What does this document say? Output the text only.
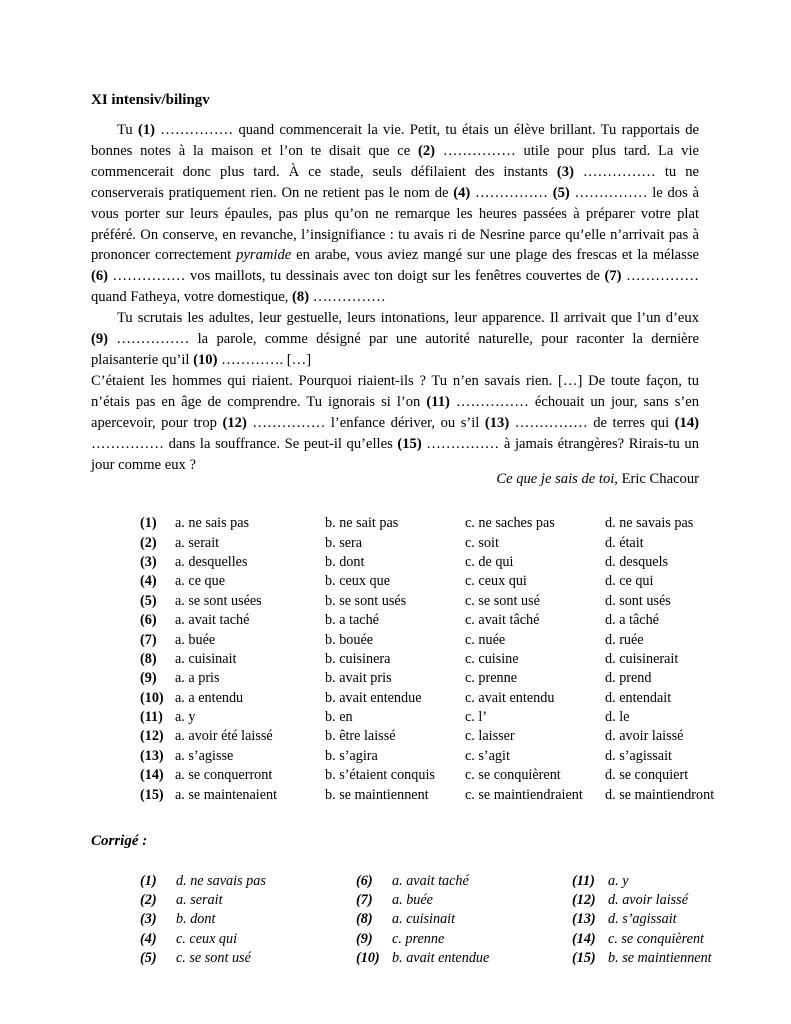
XI intensiv/bilingv

Tu (1) …………… quand commencerait la vie. Petit, tu étais un élève brillant. Tu rapportais de bonnes notes à la maison et l’on te disait que ce (2) …………… utile pour plus tard. La vie commencerait donc plus tard. À ce stade, seuls défilaient des instants (3) …………… tu ne conserverais pratiquement rien. On ne retient pas le nom de (4) …………… (5) …………… le dos à vous porter sur leurs épaules, pas plus qu’on ne remarque les heures passées à préparer votre plat préféré. On conserve, en revanche, l’insignifiance : tu avais ri de Nesrine parce qu’elle n’arrivait pas à prononcer correctement pyramide en arabe, vous aviez mangé sur une plage des frescas et la mélasse (6) …………… vos maillots, tu dessinais avec ton doigt sur les fenêtres couvertes de (7) …………… quand Fatheya, votre domestique, (8) ……………

Tu scrutais les adultes, leur gestuelle, leurs intonations, leur apparence. Il arrivait que l’un d’eux (9) …………… la parole, comme désigné par une autorité naturelle, pour raconter la dernière plaisanterie qu’il (10) …………. […]

C’étaient les hommes qui riaient. Pourquoi riaient-ils ? Tu n’en savais rien. […] De toute façon, tu n’étais pas en âge de comprendre. Tu ignorais si l’on (11) …………… échouait un jour, sans s’en apercevoir, pour trop (12) …………… l’enfance dériver, ou s’il (13) …………… de terres qui (14) …………… dans la souffrance. Se peut-il qu’elles (15) …………… à jamais étrangères? Rirais-tu un jour comme eux ?

Ce que je sais de toi, Eric Chacour

(1)	a. ne sais pas	b. ne sait pas	c. ne saches pas	d. ne savais pas
(2)	a. serait	b. sera	c. soit	d. était
(3)	a. desquelles	b. dont	c. de qui	d. desquels
(4)	a. ce que	b. ceux que	c. ceux qui	d. ce qui
(5)	a. se sont usées	b. se sont usés	c. se sont usé	d. sont usés
(6)	a. avait taché	b. a taché	c. avait tâché	d. a tâché
(7)	a. buée	b. bouée	c. nuée	d. ruée
(8)	a. cuisinait	b. cuisinera	c. cuisine	d. cuisinerait
(9)	a. a pris	b. avait pris	c. prenne	d. prend
(10)	a. a entendu	b. avait entendue	c. avait entendu	d. entendait
(11)	a. y	b. en	c. l’	d. le
(12)	a. avoir été laissé	b. être laissé	c. laisser	d. avoir laissé
(13)	a. s’agisse	b. s’agira	c. s’agit	d. s’agissait
(14)	a. se conquerront	b. s’étaient conquis	c. se conquièrent	d. se conquiert
(15)	a. se maintenaient	b. se maintiennent	c. se maintiendraient	d. se maintiendront

Corrigé :

(1)	d. ne savais pas	(6)	a. avait taché	(11)	a. y
(2)	a. serait	(7)	a. buée	(12)	d. avoir laissé
(3)	b. dont	(8)	a. cuisinait	(13)	d. s’agissait
(4)	c. ceux qui	(9)	c. prenne	(14)	c. se conquièrent
(5)	c. se sont usé	(10)	b. avait entendue	(15)	b. se maintiennent
